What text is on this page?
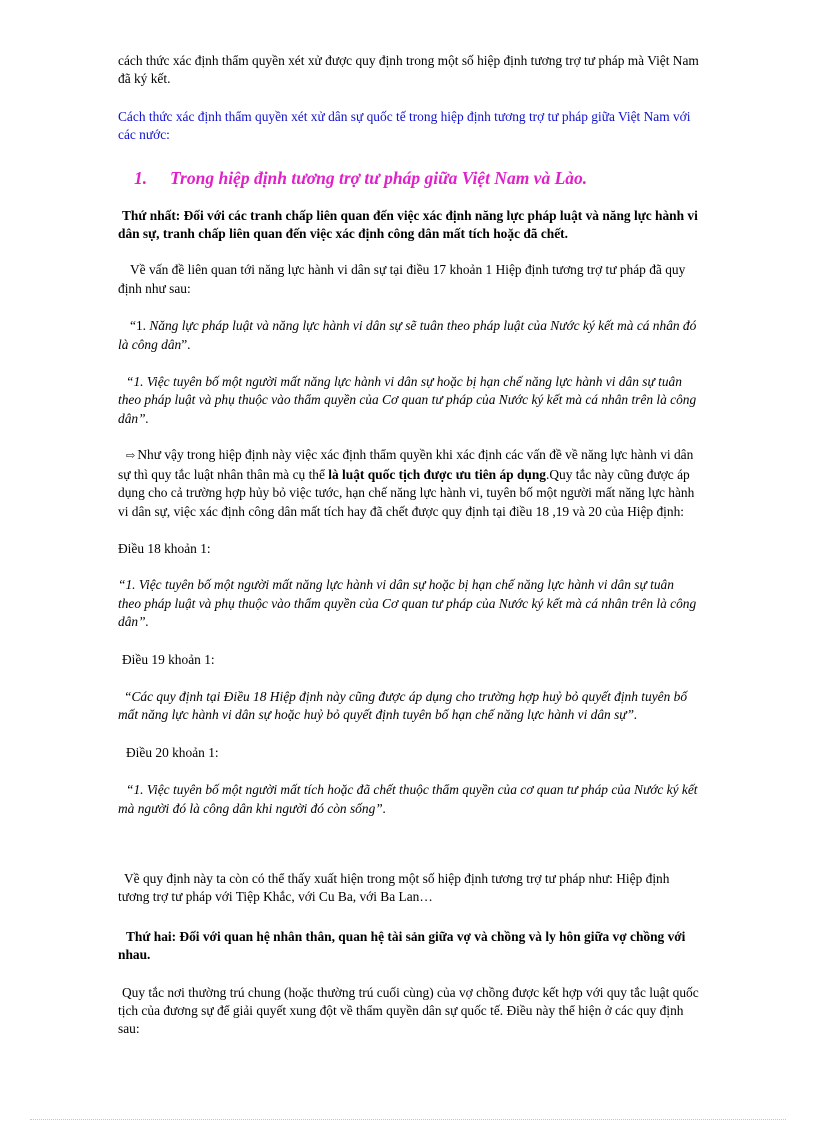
cách thức xác định thẩm quyền xét xử được quy định trong một số hiệp định tương trợ tư pháp mà Việt Nam đã ký kết.

Cách thức xác định thẩm quyền xét xử dân sự quốc tế trong hiệp định tương trợ tư pháp giữa Việt Nam với các nước:

1.	Trong hiệp định tương trợ tư pháp giữa Việt Nam và Lào.

Thứ nhất: Đối với các tranh chấp liên quan đến việc xác định năng lực pháp luật và năng lực hành vi dân sự, tranh chấp liên quan đến việc xác định công dân mất tích hoặc đã chết.

Về vấn đề liên quan tới năng lực hành vi dân sự tại điều 17 khoản 1 Hiệp định tương trợ tư pháp đã quy định như sau:

“1. Năng lực pháp luật và năng lực hành vi dân sự sẽ tuân theo pháp luật của Nước ký kết mà cá nhân đó là công dân”.

“1. Việc tuyên bố một người mất năng lực hành vi dân sự hoặc bị hạn chế năng lực hành vi dân sự tuân theo pháp luật và phụ thuộc vào thẩm quyền của Cơ quan tư pháp của Nước ký kết mà cá nhân trên là công dân”.

⇨ Như vậy trong hiệp định này việc xác định thẩm quyền khi xác định các vấn đề về năng lực hành vi dân sự thì quy tắc luật nhân thân mà cụ thể là luật quốc tịch được ưu tiên áp dụng.Quy tắc này cũng được áp dụng cho cả trường hợp hủy bỏ việc tước, hạn chế năng lực hành vi, tuyên bố một người mất năng lực hành vi dân sự, việc xác định công dân mất tích hay đã chết được quy định tại điều 18 ,19 và 20 của Hiệp định:

Điều 18 khoản 1:

“1. Việc tuyên bố một người mất năng lực hành vi dân sự hoặc bị hạn chế năng lực hành vi dân sự tuân theo pháp luật và phụ thuộc vào thẩm quyền của Cơ quan tư pháp của Nước ký kết mà cá nhân trên là công dân”.

Điều 19 khoản 1:

“Các quy định tại Điều 18 Hiệp định này cũng được áp dụng cho trường hợp huỷ bỏ quyết định tuyên bố mất năng lực hành vi dân sự hoặc huỷ bỏ quyết định tuyên bố hạn chế năng lực hành vi dân sự”.

Điều 20 khoản 1:

“1. Việc tuyên bố một người mất tích hoặc đã chết thuộc thẩm quyền của cơ quan tư pháp của Nước ký kết mà người đó là công dân khi người đó còn sống”.

Về quy định này ta còn có thể thấy xuất hiện trong một số hiệp định tương trợ tư pháp như: Hiệp định tương trợ tư pháp với Tiệp Khắc, với Cu Ba, với Ba Lan…

Thứ hai: Đối với quan hệ nhân thân, quan hệ tài sản giữa vợ và chồng và ly hôn giữa vợ chồng với nhau.

Quy tắc nơi thường trú chung (hoặc thường trú cuối cùng) của vợ chồng được kết hợp với quy tắc luật quốc tịch của đương sự để giải quyết xung đột về thẩm quyền dân sự quốc tế. Điều này thể hiện ở các quy định sau:
